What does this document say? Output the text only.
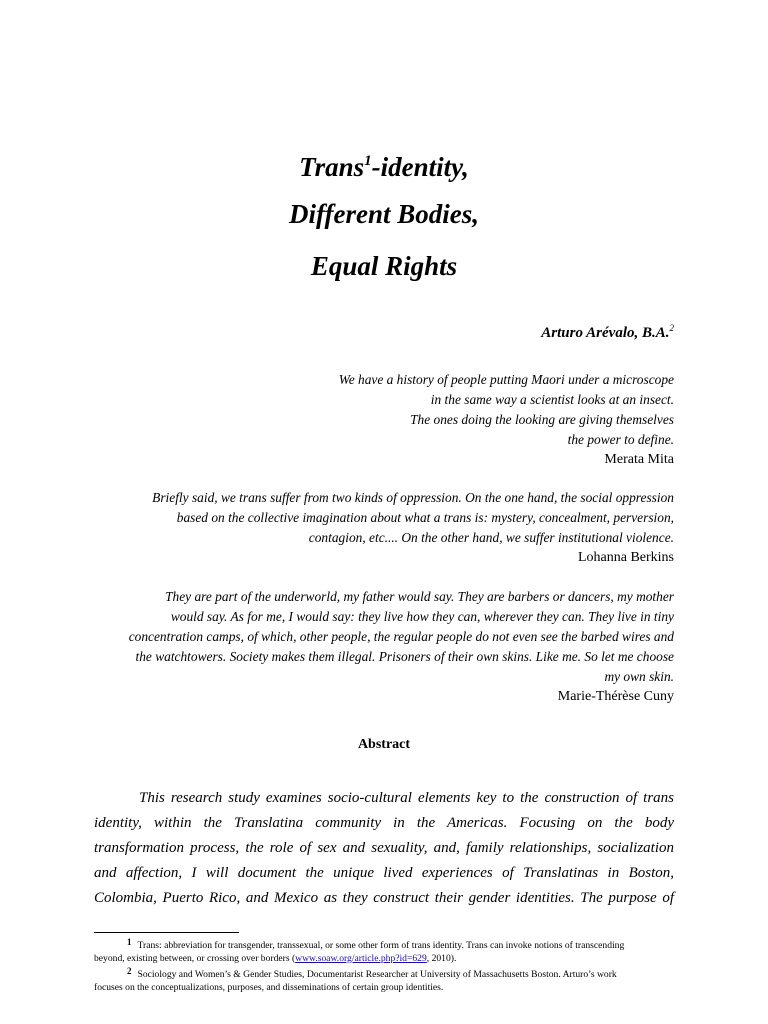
Trans$^1$-identity,
Different Bodies,
Equal Rights
Arturo Arévalo, B.A.$^2$
We have a history of people putting Maori under a microscope
in the same way a scientist looks at an insect.
The ones doing the looking are giving themselves
the power to define.
Merata Mita
Briefly said, we trans suffer from two kinds of oppression. On the one hand, the social oppression
based on the collective imagination about what a trans is: mystery, concealment, perversion,
contagion, etc.... On the other hand, we suffer institutional violence.
Lohanna Berkins
They are part of the underworld, my father would say. They are barbers or dancers, my mother
would say. As for me, I would say: they live how they can, wherever they can. They live in tiny
concentration camps, of which, other people, the regular people do not even see the barbed wires and
the watchtowers. Society makes them illegal. Prisoners of their own skins. Like me. So let me choose
my own skin.
Marie-Thérèse Cuny
Abstract
This research study examines socio-cultural elements key to the construction of trans
identity, within the Translatina community in the Americas. Focusing on the body
transformation process, the role of sex and sexuality, and, family relationships, socialization
and affection, I will document the unique lived experiences of Translatinas in Boston,
Colombia, Puerto Rico, and Mexico as they construct their gender identities. The purpose of
1 Trans: abbreviation for transgender, transsexual, or some other form of trans identity. Trans can invoke notions of transcending
beyond, existing between, or crossing over borders (www.soaw.org/article.php?id=629, 2010).
2 Sociology and Women’s & Gender Studies, Documentarist Researcher at University of Massachusetts Boston. Arturo’s work
focuses on the conceptualizations, purposes, and disseminations of certain group identities.
